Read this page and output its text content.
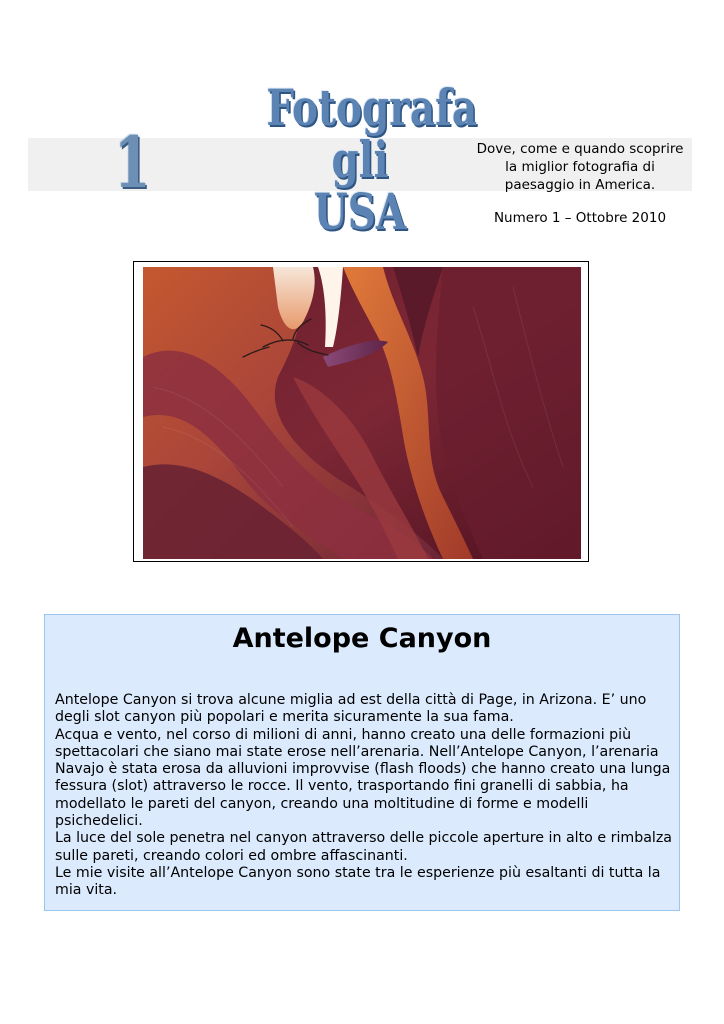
1
Fotografa
gli
USA
Dove, come e quando scoprire la miglior fotografia di paesaggio in America.
Numero 1 – Ottobre 2010
Antelope Canyon

Antelope Canyon si trova alcune miglia ad est della città di Page, in Arizona. E’ uno degli slot canyon più popolari e merita sicuramente la sua fama.

Acqua e vento, nel corso di milioni di anni, hanno creato una delle formazioni più spettacolari che siano mai state erose nell’arenaria. Nell’Antelope Canyon, l’arenaria Navajo è stata erosa da alluvioni improvvise (flash floods) che hanno creato una lunga fessura (slot) attraverso le rocce. Il vento, trasportando fini granelli di sabbia, ha modellato le pareti del canyon, creando una moltitudine di forme e modelli psichedelici.

La luce del sole penetra nel canyon attraverso delle piccole aperture in alto e rimbalza sulle pareti, creando colori ed ombre affascinanti.

Le mie visite all’Antelope Canyon sono state tra le esperienze più esaltanti di tutta la mia vita.
